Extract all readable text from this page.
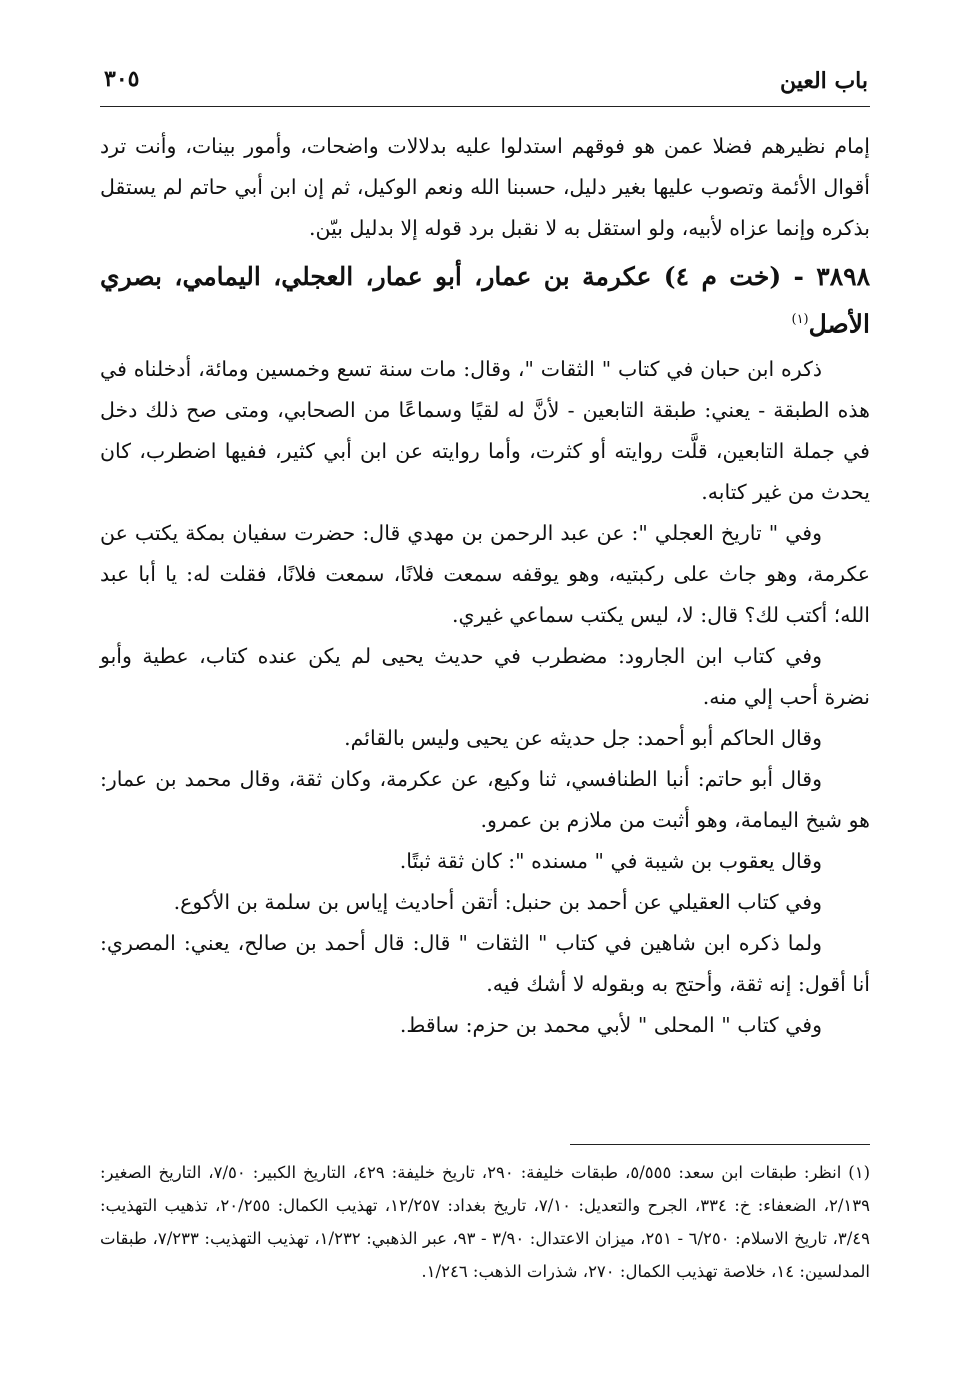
باب العين
٣٠٥

إمام نظيرهم فضلا عمن هو فوقهم استدلوا عليه بدلالات واضحات، وأمور بينات، وأنت ترد أقوال الأئمة وتصوب عليها بغير دليل، حسبنا الله ونعم الوكيل، ثم إن ابن أبي حاتم لم يستقل بذكره وإنما عزاه لأبيه، ولو استقل به لا نقبل برد قوله إلا بدليل بيّن.

٣٨٩٨ - (خت م ٤) عكرمة بن عمار، أبو عمار، العجلي، اليمامي، بصري الأصل$^{(١)}$

ذكره ابن حبان في كتاب " الثقات "، وقال: مات سنة تسع وخمسين ومائة، أدخلناه في هذه الطبقة - يعني: طبقة التابعين - لأنَّ له لقيًا وسماعًا من الصحابي، ومتى صح ذلك دخل في جملة التابعين، قلَّت روايته أو كثرت، وأما روايته عن ابن أبي كثير، ففيها اضطرب، كان يحدث من غير كتابه.

وفي " تاريخ العجلي ": عن عبد الرحمن بن مهدي قال: حضرت سفيان بمكة يكتب عن عكرمة، وهو جاث على ركبتيه، وهو يوقفه سمعت فلانًا، سمعت فلانًا، فقلت له: يا أبا عبد الله؛ أكتب لك؟ قال: لا، ليس يكتب سماعي غيري.

وفي كتاب ابن الجارود: مضطرب في حديث يحيى لم يكن عنده كتاب، عطية وأبو نضرة أحب إلي منه.

وقال الحاكم أبو أحمد: جل حديثه عن يحيى وليس بالقائم.

وقال أبو حاتم: أنبا الطنافسي، ثنا وكيع، عن عكرمة، وكان ثقة، وقال محمد بن عمار: هو شيخ اليمامة، وهو أثبت من ملازم بن عمرو.

وقال يعقوب بن شيبة في " مسنده ": كان ثقة ثبتًا.

وفي كتاب العقيلي عن أحمد بن حنبل: أتقن أحاديث إياس بن سلمة بن الأكوع.

ولما ذكره ابن شاهين في كتاب " الثقات " قال: قال أحمد بن صالح، يعني: المصري: أنا أقول: إنه ثقة، وأحتج به وبقوله لا أشك فيه.

وفي كتاب " المحلى " لأبي محمد بن حزم: ساقط.

(١) انظر: طبقات ابن سعد: ٥/٥٥٥، طبقات خليفة: ٢٩٠، تاريخ خليفة: ٤٢٩، التاريخ الكبير: ٧/٥٠، التاريخ الصغير: ٢/١٣٩، الضعفاء: خ: ٣٣٤، الجرح والتعديل: ٧/١٠، تاريخ بغداد: ١٢/٢٥٧، تهذيب الكمال: ٢٠/٢٥٥، تذهيب التهذيب: ٣/٤٩، تاريخ الاسلام: ٦/٢٥٠ - ٢٥١، ميزان الاعتدال: ٣/٩٠ - ٩٣، عبر الذهبي: ١/٢٣٢، تهذيب التهذيب: ٧/٢٣٣، طبقات المدلسين: ١٤، خلاصة تهذيب الكمال: ٢٧٠، شذرات الذهب: ١/٢٤٦.
